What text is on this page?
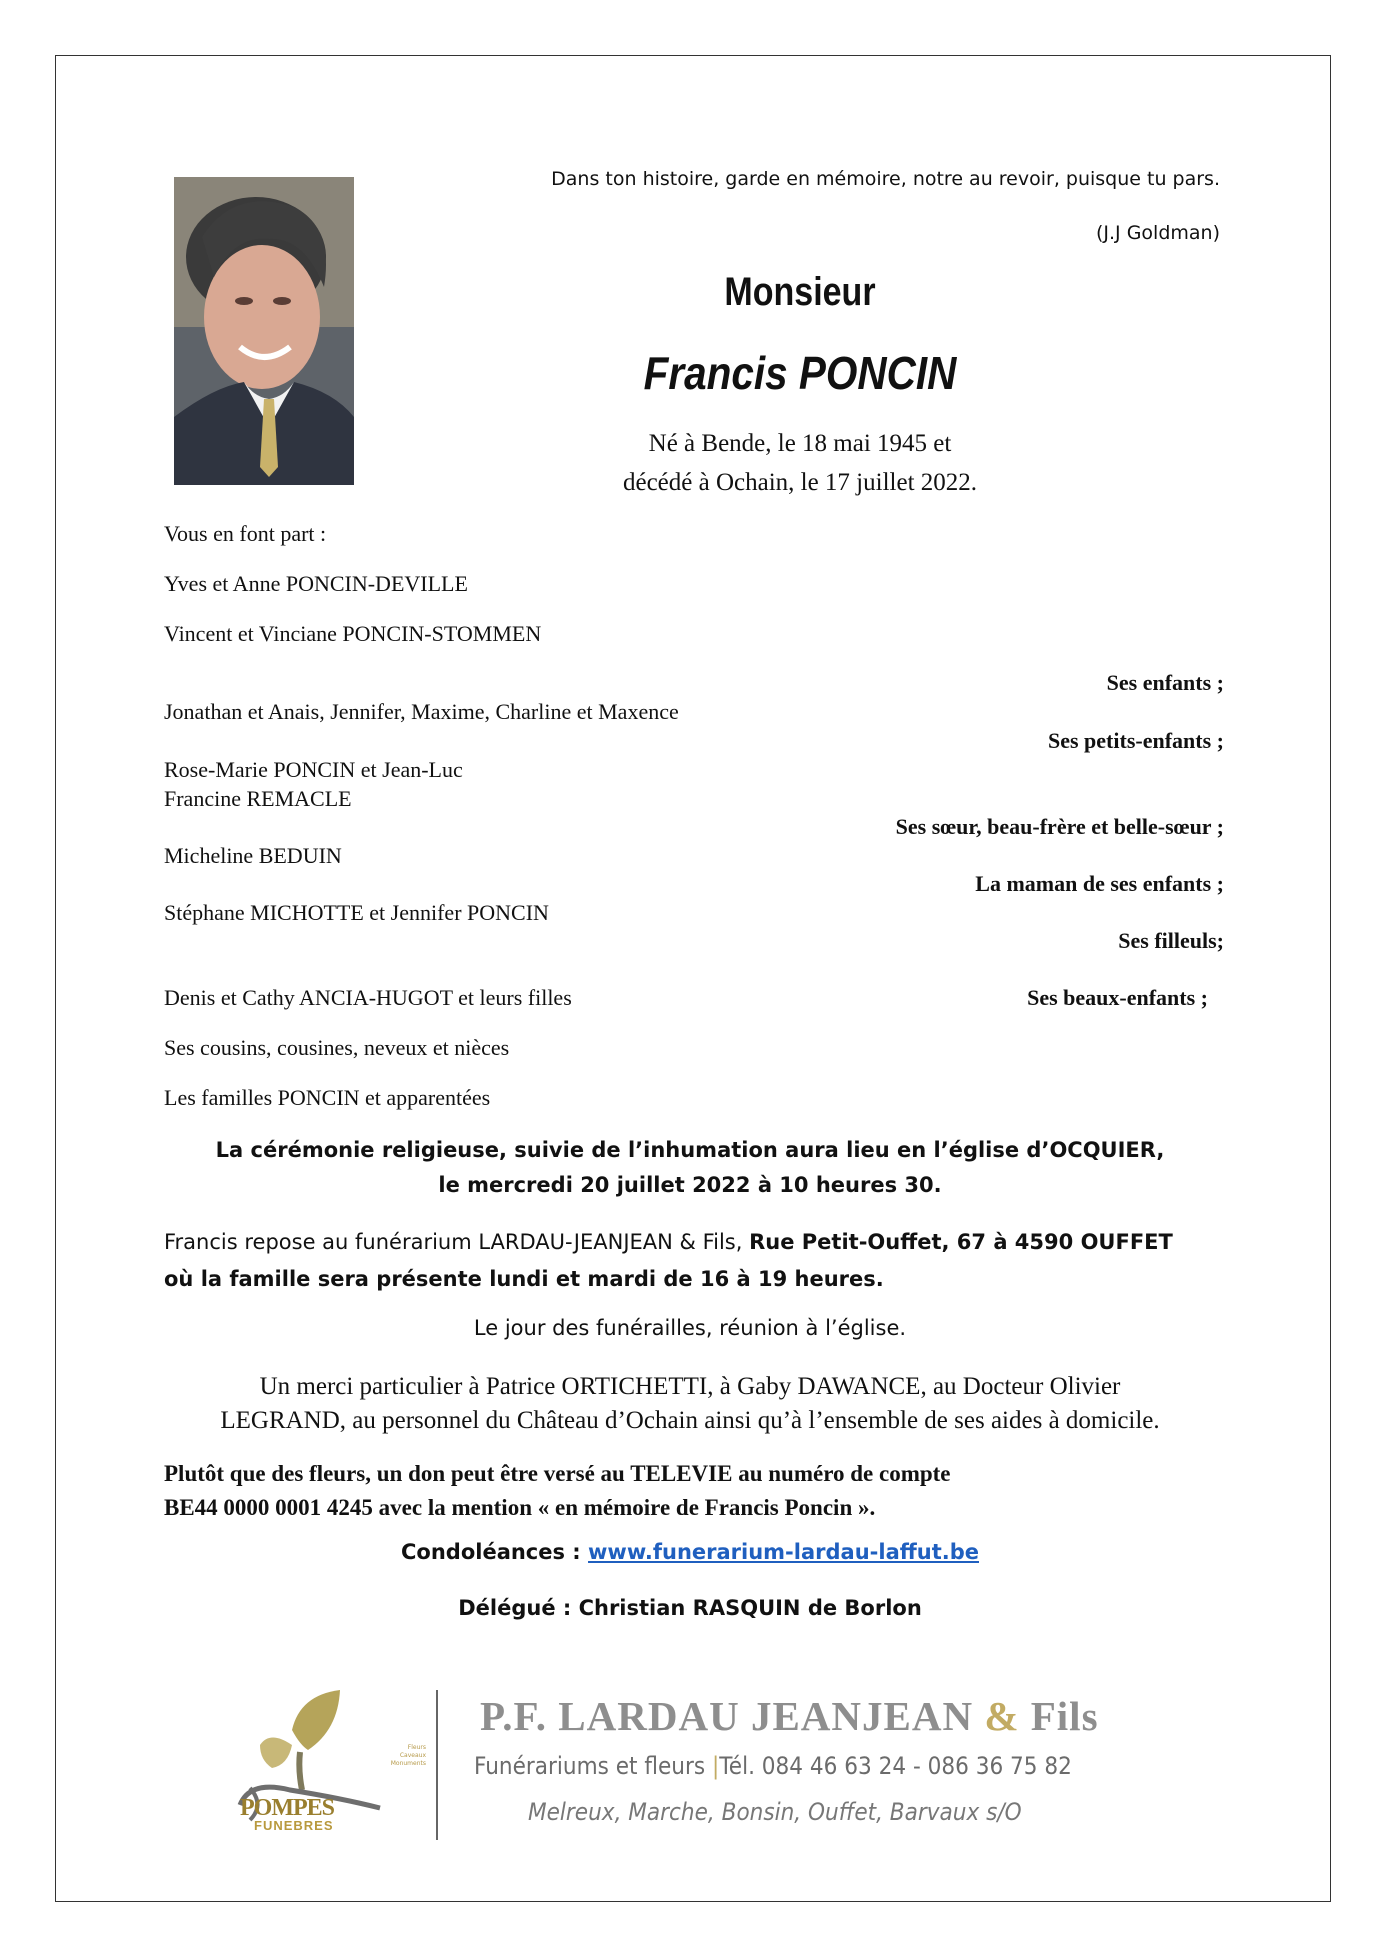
Dans ton histoire, garde en mémoire, notre au revoir, puisque tu pars.
(J.J Goldman)
Monsieur
Francis PONCIN
Né à Bende, le 18 mai 1945 et
décédé à Ochain, le 17 juillet 2022.
Vous en font part :
Yves et Anne PONCIN-DEVILLE
Vincent et Vinciane PONCIN-STOMMEN
Ses enfants ;
Jonathan et Anais, Jennifer, Maxime, Charline et Maxence
Ses petits-enfants ;
Rose-Marie PONCIN et Jean-Luc
Francine REMACLE
Ses sœur, beau-frère et belle-sœur ;
Micheline BEDUIN
La maman de ses enfants ;
Stéphane MICHOTTE et Jennifer PONCIN
Ses filleuls;
Denis et Cathy ANCIA-HUGOT et leurs filles	Ses beaux-enfants ;
Ses cousins, cousines, neveux et nièces
Les familles PONCIN et apparentées
La cérémonie religieuse, suivie de l’inhumation aura lieu en l’église d’OCQUIER,
le mercredi 20 juillet 2022 à 10 heures 30.
Francis repose au funérarium LARDAU-JEANJEAN & Fils, Rue Petit-Ouffet, 67 à 4590 OUFFET
où la famille sera présente lundi et mardi de 16 à 19 heures.
Le jour des funérailles, réunion à l’église.
Un merci particulier à Patrice ORTICHETTI, à Gaby DAWANCE, au Docteur Olivier
LEGRAND, au personnel du Château d’Ochain ainsi qu’à l’ensemble de ses aides à domicile.
Plutôt que des fleurs, un don peut être versé au TELEVIE au numéro de compte
BE44 0000 0001 4245 avec la mention « en mémoire de Francis Poncin ».
Condoléances : www.funerarium-lardau-laffut.be
Délégué : Christian RASQUIN de Borlon
Fleurs
Caveaux
Monuments
POMPES
FUNEBRES
P.F. LARDAU JEANJEAN & Fils
Funérariums et fleurs |Tél. 084 46 63 24 - 086 36 75 82
Melreux, Marche, Bonsin, Ouffet, Barvaux s/O
